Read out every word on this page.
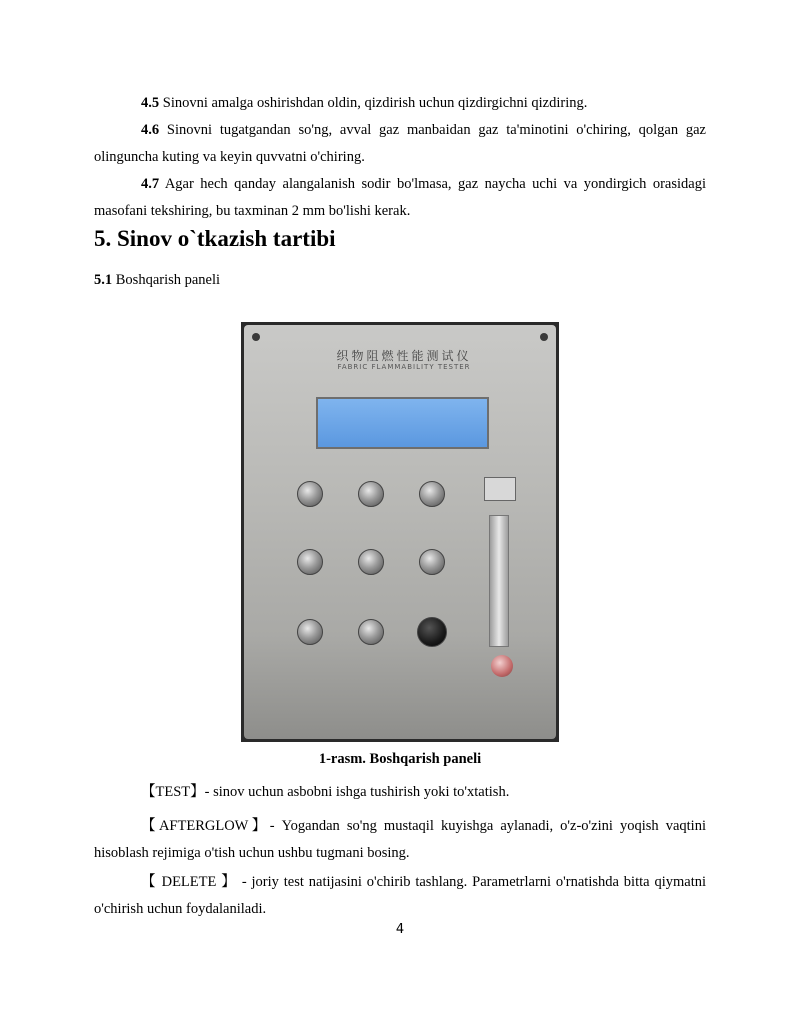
4.5 Sinovni amalga oshirishdan oldin, qizdirish uchun qizdirgichni qizdiring.

4.6 Sinovni tugatgandan so'ng, avval gaz manbaidan gaz ta'minotini o'chiring, qolgan gaz olinguncha kuting va keyin quvvatni o'chiring.

4.7 Agar hech qanday alangalanish sodir bo'lmasa, gaz naycha uchi va yondirgich orasidagi masofani tekshiring, bu taxminan 2 mm bo'lishi kerak.

5. Sinov o`tkazish tartibi

5.1 Boshqarish paneli

织物阻燃性能测试仪
FABRIC FLAMMABILITY TESTER

1-rasm. Boshqarish paneli

【TEST】- sinov uchun asbobni ishga tushirish yoki to'xtatish.

【AFTERGLOW】- Yogandan so'ng mustaqil kuyishga aylanadi, o'z-o'zini yoqish vaqtini hisoblash rejimiga o'tish uchun ushbu tugmani bosing.

【 DELETE 】 - joriy test natijasini o'chirib tashlang. Parametrlarni o'rnatishda bitta qiymatni o'chirish uchun foydalaniladi.

4
